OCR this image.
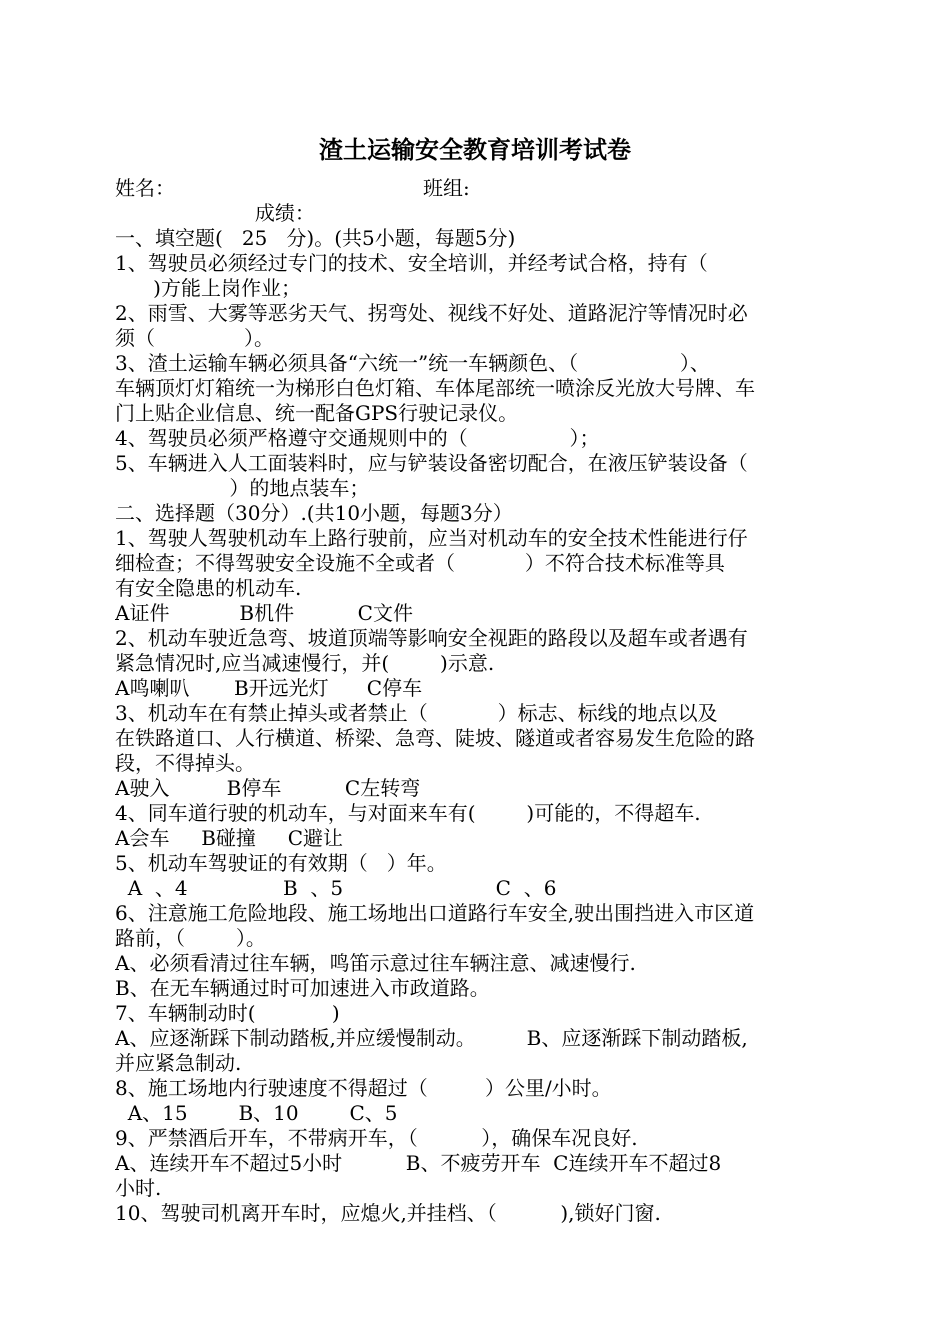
渣土运输安全教育培训考试卷
姓名：                                       班组:
成绩：
一、填空题(   25   分)。(共5小题，每题5分)
1、驾驶员必须经过专门的技术、安全培训，并经考试合格，持有（
)方能上岗作业；
2、雨雪、大雾等恶劣天气、拐弯处、视线不好处、道路泥泞等情况时必
须（              ）。
3、渣土运输车辆必须具备“六统一”统一车辆颜色、（                ）、
车辆顶灯灯箱统一为梯形白色灯箱、车体尾部统一喷涂反光放大号牌、车
门上贴企业信息、统一配备GPS行驶记录仪。
4、驾驶员必须严格遵守交通规则中的（                ）；
5、车辆进入人工面装料时，应与铲装设备密切配合，在液压铲装设备（
）的地点装车；
二、选择题（30分）.(共10小题，每题3分）
1、驾驶人驾驶机动车上路行驶前，应当对机动车的安全技术性能进行仔
细检查；不得驾驶安全设施不全或者（           ）不符合技术标准等具
有安全隐患的机动车.
A证件           B机件          C文件
2、机动车驶近急弯、坡道顶端等影响安全视距的路段以及超车或者遇有
紧急情况时,应当减速慢行，并(        )示意.
A鸣喇叭       B开远光灯      C停车
3、机动车在有禁止掉头或者禁止（           ）标志、标线的地点以及
在铁路道口、人行横道、桥梁、急弯、陡坡、隧道或者容易发生危险的路
段，不得掉头。
A驶入         B停车          C左转弯
4、同车道行驶的机动车，与对面来车有(        )可能的，不得超车.
A会车     B碰撞     C避让
5、机动车驾驶证的有效期（   ）年。
A  、4               B  、5                        C  、6
6、注意施工危险地段、施工场地出口道路行车安全,驶出围挡进入市区道
路前，（        ）。
A、必须看清过往车辆，鸣笛示意过往车辆注意、减速慢行.
B、在无车辆通过时可加速进入市政道路。
7、车辆制动时(            )
A、应逐渐踩下制动踏板,并应缓慢制动。        B、应逐渐踩下制动踏板,
并应紧急制动.
8、施工场地内行驶速度不得超过（         ）公里/小时。
A、15        B、10        C、5
9、严禁酒后开车，不带病开车，（          ），确保车况良好.
A、连续开车不超过5小时          B、不疲劳开车  C连续开车不超过8
小时.
10、驾驶司机离开车时，应熄火,并挂档、（          ),锁好门窗.
